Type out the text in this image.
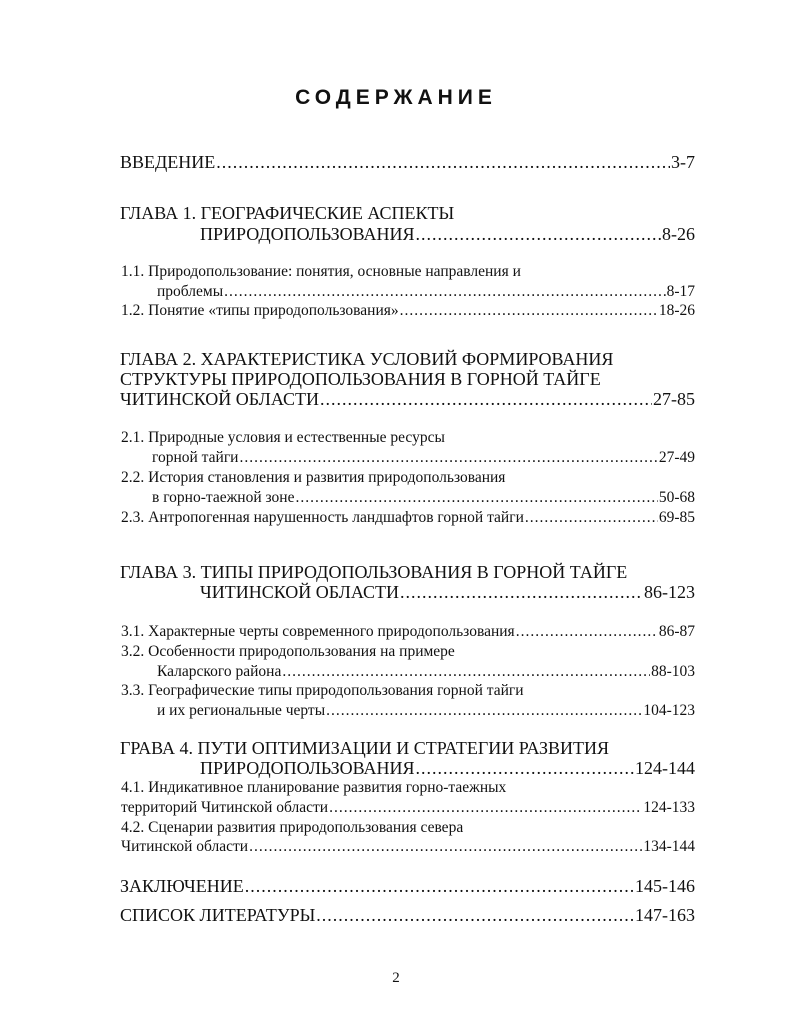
СОДЕРЖАНИЕ
ВВЕДЕНИЕ .....	3-7
ГЛАВА 1. ГЕОГРАФИЧЕСКИЕ АСПЕКТЫ
ПРИРОДОПОЛЬЗОВАНИЯ .....	8-26
1.1. Природопользование: понятия, основные направления и
проблемы .....	8-17
1.2. Понятие «типы природопользования» .....	18-26
ГЛАВА 2. ХАРАКТЕРИСТИКА УСЛОВИЙ ФОРМИРОВАНИЯ
СТРУКТУРЫ ПРИРОДОПОЛЬЗОВАНИЯ В ГОРНОЙ ТАЙГЕ
ЧИТИНСКОЙ ОБЛАСТИ .....	27-85
2.1. Природные условия и естественные ресурсы
горной тайги .....	27-49
2.2. История становления и развития природопользования
в горно-таежной зоне .....	50-68
2.3. Антропогенная нарушенность ландшафтов горной тайги .....	69-85
ГЛАВА 3. ТИПЫ ПРИРОДОПОЛЬЗОВАНИЯ В ГОРНОЙ ТАЙГЕ
ЧИТИНСКОЙ ОБЛАСТИ .....	86-123
3.1. Характерные черты современного природопользования .....	86-87
3.2. Особенности природопользования на примере
Каларского района .....	88-103
3.3. Географические типы природопользования горной тайги
и их региональные черты .....	104-123
ГРАВА 4. ПУТИ ОПТИМИЗАЦИИ И СТРАТЕГИИ РАЗВИТИЯ
ПРИРОДОПОЛЬЗОВАНИЯ .....	124-144
4.1. Индикативное планирование развития горно-таежных
территорий Читинской области .....	124-133
4.2. Сценарии развития природопользования севера
Читинской области .....	134-144
ЗАКЛЮЧЕНИЕ .....	145-146
СПИСОК ЛИТЕРАТУРЫ .....	147-163
2
